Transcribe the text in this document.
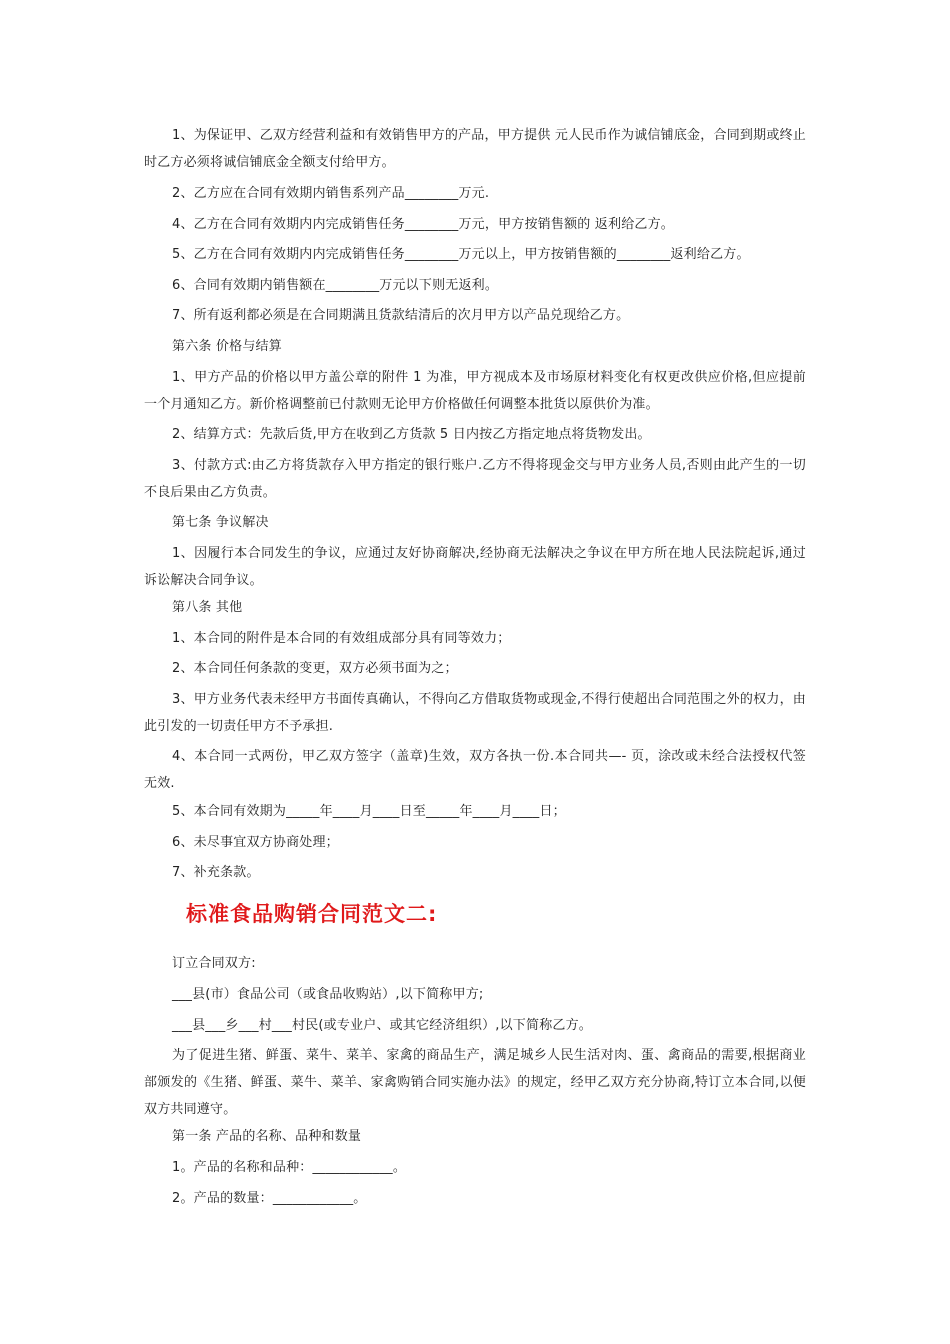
1、为保证甲、乙双方经营利益和有效销售甲方的产品，甲方提供 元人民币作为诚信铺底金，合同到期或终止时乙方必须将诚信铺底金全额支付给甲方。

2、乙方应在合同有效期内销售系列产品________万元.

4、乙方在合同有效期内内完成销售任务________万元，甲方按销售额的 返利给乙方。

5、乙方在合同有效期内内完成销售任务________万元以上，甲方按销售额的________返利给乙方。

6、合同有效期内销售额在________万元以下则无返利。

7、所有返利都必须是在合同期满且货款结清后的次月甲方以产品兑现给乙方。

第六条 价格与结算

1、甲方产品的价格以甲方盖公章的附件 1 为准，甲方视成本及市场原材料变化有权更改供应价格,但应提前一个月通知乙方。新价格调整前已付款则无论甲方价格做任何调整本批货以原供价为准。

2、结算方式：先款后货,甲方在收到乙方货款 5 日内按乙方指定地点将货物发出。

3、付款方式:由乙方将货款存入甲方指定的银行账户.乙方不得将现金交与甲方业务人员,否则由此产生的一切不良后果由乙方负责。

第七条 争议解决

1、因履行本合同发生的争议，应通过友好协商解决,经协商无法解决之争议在甲方所在地人民法院起诉,通过诉讼解决合同争议。

第八条 其他

1、本合同的附件是本合同的有效组成部分具有同等效力；

2、本合同任何条款的变更，双方必须书面为之；

3、甲方业务代表未经甲方书面传真确认，不得向乙方借取货物或现金,不得行使超出合同范围之外的权力，由此引发的一切责任甲方不予承担.

4、本合同一式两份，甲乙双方签字（盖章)生效，双方各执一份.本合同共—- 页，涂改或未经合法授权代签无效.

5、本合同有效期为_____年____月____日至_____年____月____日；

6、未尽事宜双方协商处理；

7、补充条款。

标准食品购销合同范文二:

订立合同双方:

___县(市）食品公司（或食品收购站）,以下简称甲方;

___县___乡___村___村民(或专业户、或其它经济组织）,以下简称乙方。

为了促进生猪、鲜蛋、菜牛、菜羊、家禽的商品生产，满足城乡人民生活对肉、蛋、禽商品的需要,根据商业部颁发的《生猪、鲜蛋、菜牛、菜羊、家禽购销合同实施办法》的规定，经甲乙双方充分协商,特订立本合同,以便双方共同遵守。

第一条 产品的名称、品种和数量

1。产品的名称和品种：____________。

2。产品的数量：____________。
